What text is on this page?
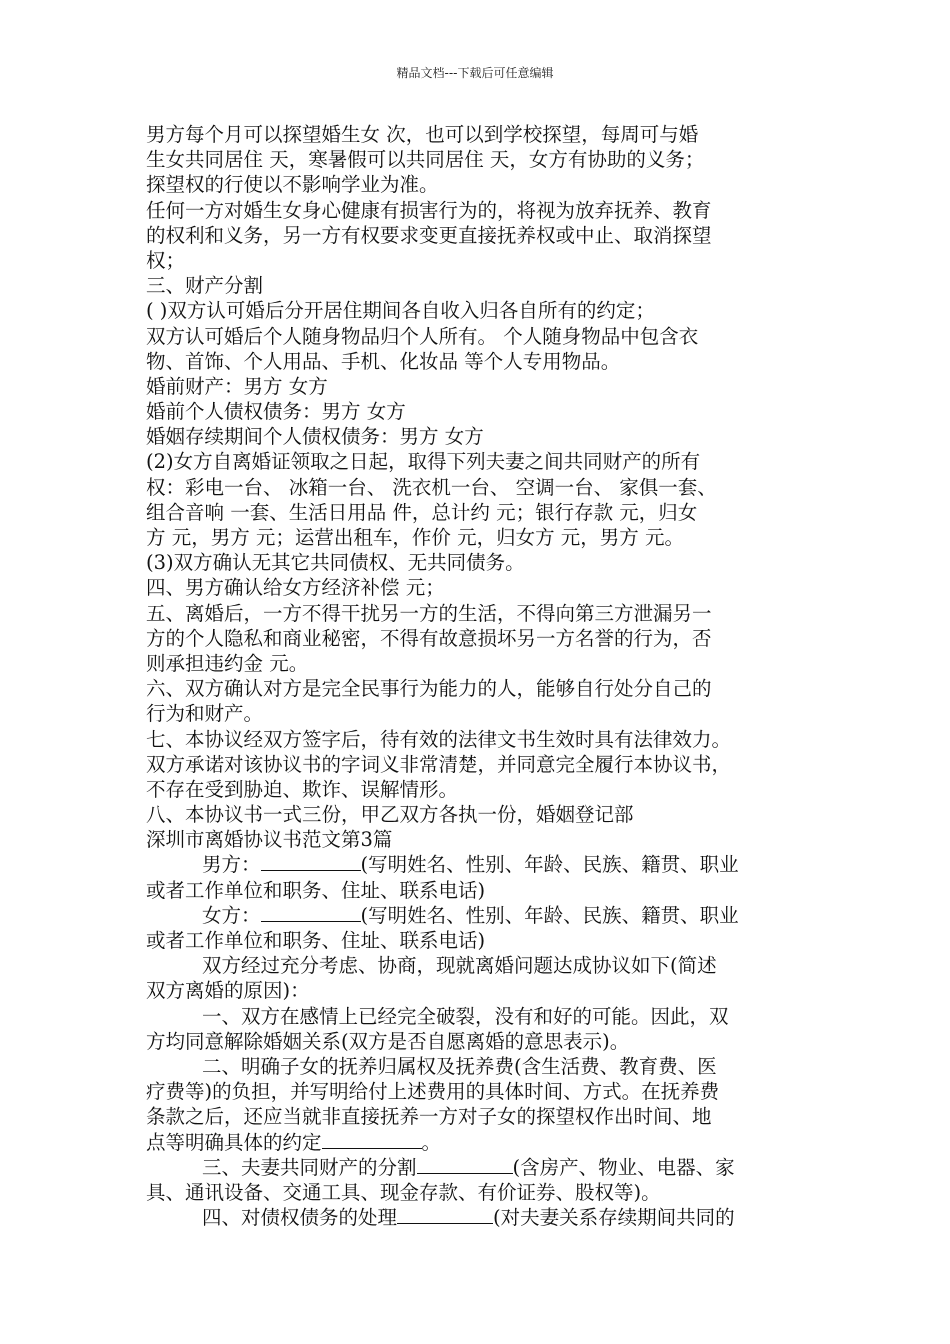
精品文档---下载后可任意编辑
男方每个月可以探望婚生女 次，也可以到学校探望，每周可与婚
生女共同居住 天，寒暑假可以共同居住 天，女方有协助的义务；
探望权的行使以不影响学业为准。
任何一方对婚生女身心健康有损害行为的，将视为放弃抚养、教育
的权利和义务，另一方有权要求变更直接抚养权或中止、取消探望
权；
三、财产分割
( )双方认可婚后分开居住期间各自收入归各自所有的约定；
双方认可婚后个人随身物品归个人所有。 个人随身物品中包含衣
物、首饰、个人用品、手机、化妆品 等个人专用物品。
婚前财产：男方 女方
婚前个人债权债务：男方 女方
婚姻存续期间个人债权债务：男方 女方
(2)女方自离婚证领取之日起，取得下列夫妻之间共同财产的所有
权：彩电一台、 冰箱一台、 洗衣机一台、 空调一台、 家俱一套、
组合音响 一套、生活日用品 件，总计约 元；银行存款 元，归女
方 元，男方 元；运营出租车，作价 元，归女方 元，男方 元。
(3)双方确认无其它共同债权、无共同债务。
四、男方确认给女方经济补偿 元；
五、离婚后，一方不得干扰另一方的生活，不得向第三方泄漏另一
方的个人隐私和商业秘密，不得有故意损坏另一方名誉的行为，否
则承担违约金 元。
六、双方确认对方是完全民事行为能力的人，能够自行处分自己的
行为和财产。
七、本协议经双方签字后，待有效的法律文书生效时具有法律效力。
双方承诺对该协议书的字词义非常清楚，并同意完全履行本协议书，
不存在受到胁迫、欺诈、误解情形。
八、本协议书一式三份，甲乙双方各执一份，婚姻登记部
深圳市离婚协议书范文第3篇
男方：	(写明姓名、性别、年龄、民族、籍贯、职业
或者工作单位和职务、住址、联系电话)
女方：	(写明姓名、性别、年龄、民族、籍贯、职业
或者工作单位和职务、住址、联系电话)
双方经过充分考虑、协商，现就离婚问题达成协议如下(简述
双方离婚的原因)：
一、双方在感情上已经完全破裂，没有和好的可能。因此，双
方均同意解除婚姻关系(双方是否自愿离婚的意思表示)。
二、明确子女的抚养归属权及抚养费(含生活费、教育费、医
疗费等)的负担，并写明给付上述费用的具体时间、方式。在抚养费
条款之后，还应当就非直接抚养一方对子女的探望权作出时间、地
点等明确具体的约定	。
三、夫妻共同财产的分割	(含房产、物业、电器、家
具、通讯设备、交通工具、现金存款、有价证券、股权等)。
四、对债权债务的处理	(对夫妻关系存续期间共同的
